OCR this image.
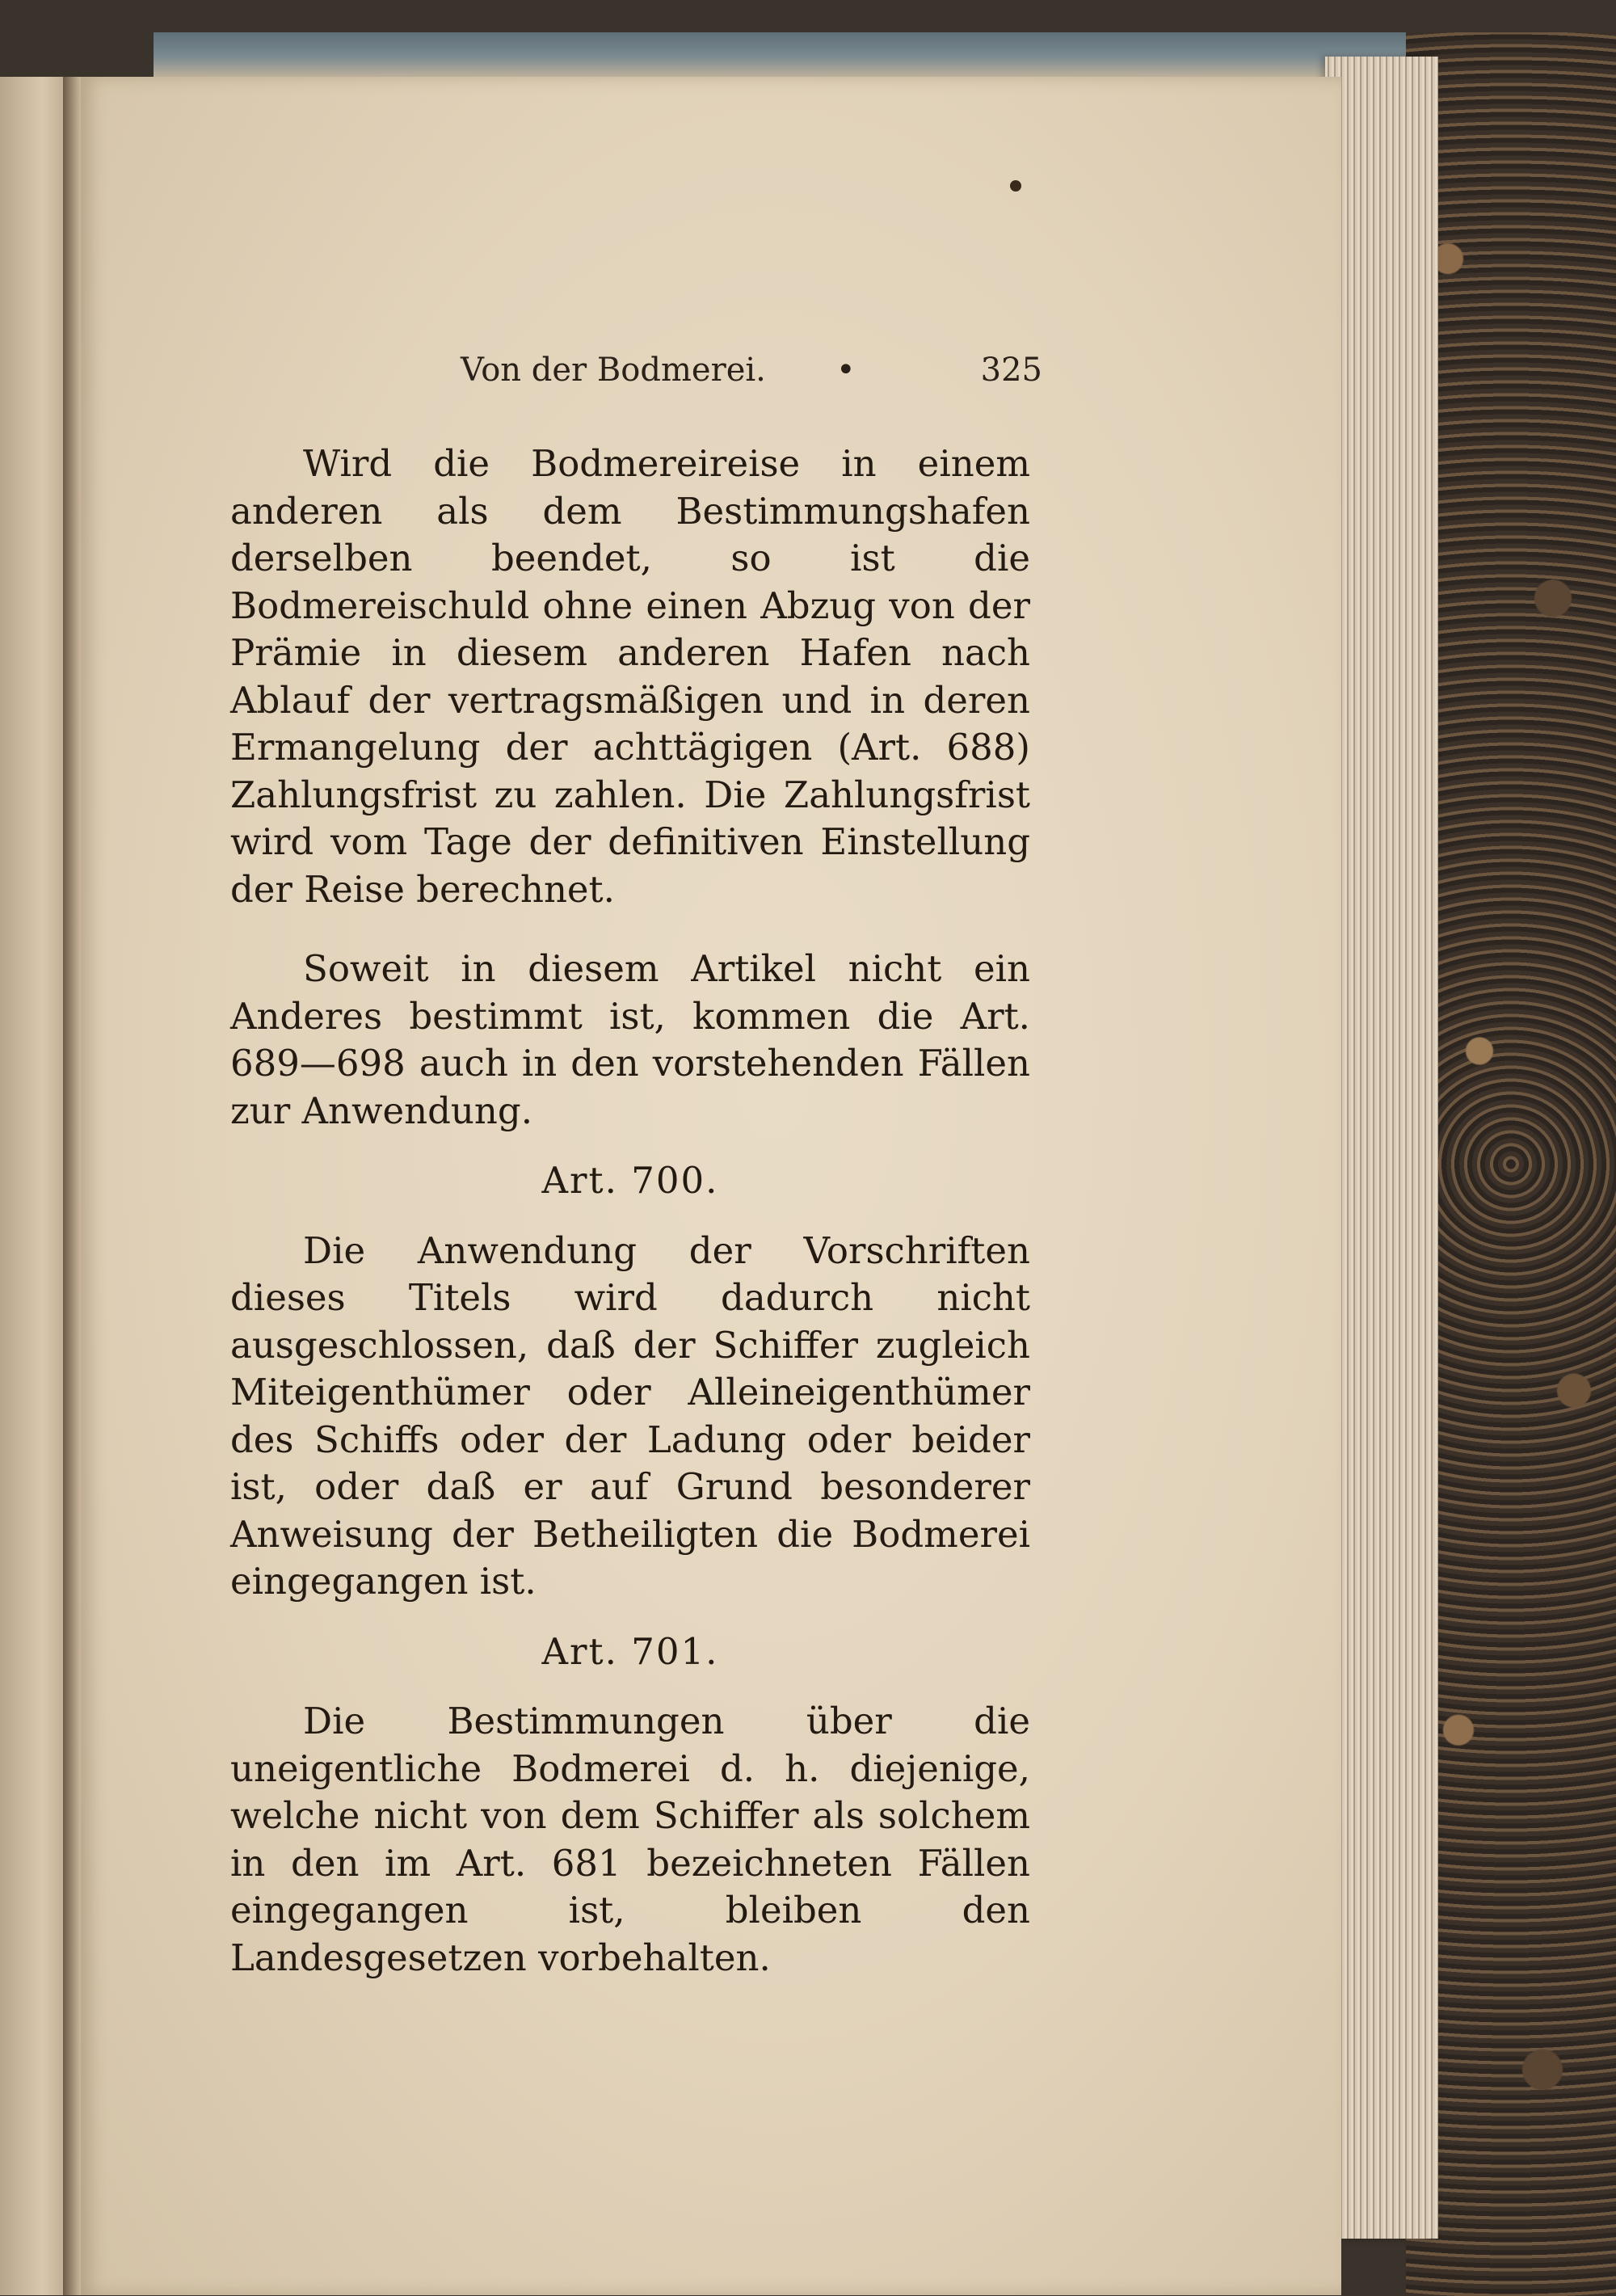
Von der Bodmerei. •	325

Wird die Bodmereireise in einem anderen als dem Bestimmungshafen derselben beendet, so ist die Bodmereischuld ohne einen Abzug von der Prämie in diesem anderen Hafen nach Ablauf der vertragsmäßigen und in deren Ermangelung der achttägigen (Art. 688) Zahlungsfrist zu zahlen. Die Zahlungsfrist wird vom Tage der definitiven Einstellung der Reise berechnet.

Soweit in diesem Artikel nicht ein Anderes bestimmt ist, kommen die Art. 689—698 auch in den vorstehenden Fällen zur Anwendung.

Art. 700.

Die Anwendung der Vorschriften dieses Titels wird dadurch nicht ausgeschlossen, daß der Schiffer zugleich Miteigenthümer oder Alleineigenthümer des Schiffs oder der Ladung oder beider ist, oder daß er auf Grund besonderer Anweisung der Betheiligten die Bodmerei eingegangen ist.

Art. 701.

Die Bestimmungen über die uneigentliche Bodmerei d. h. diejenige, welche nicht von dem Schiffer als solchem in den im Art. 681 bezeichneten Fällen eingegangen ist, bleiben den Landesgesetzen vorbehalten.
